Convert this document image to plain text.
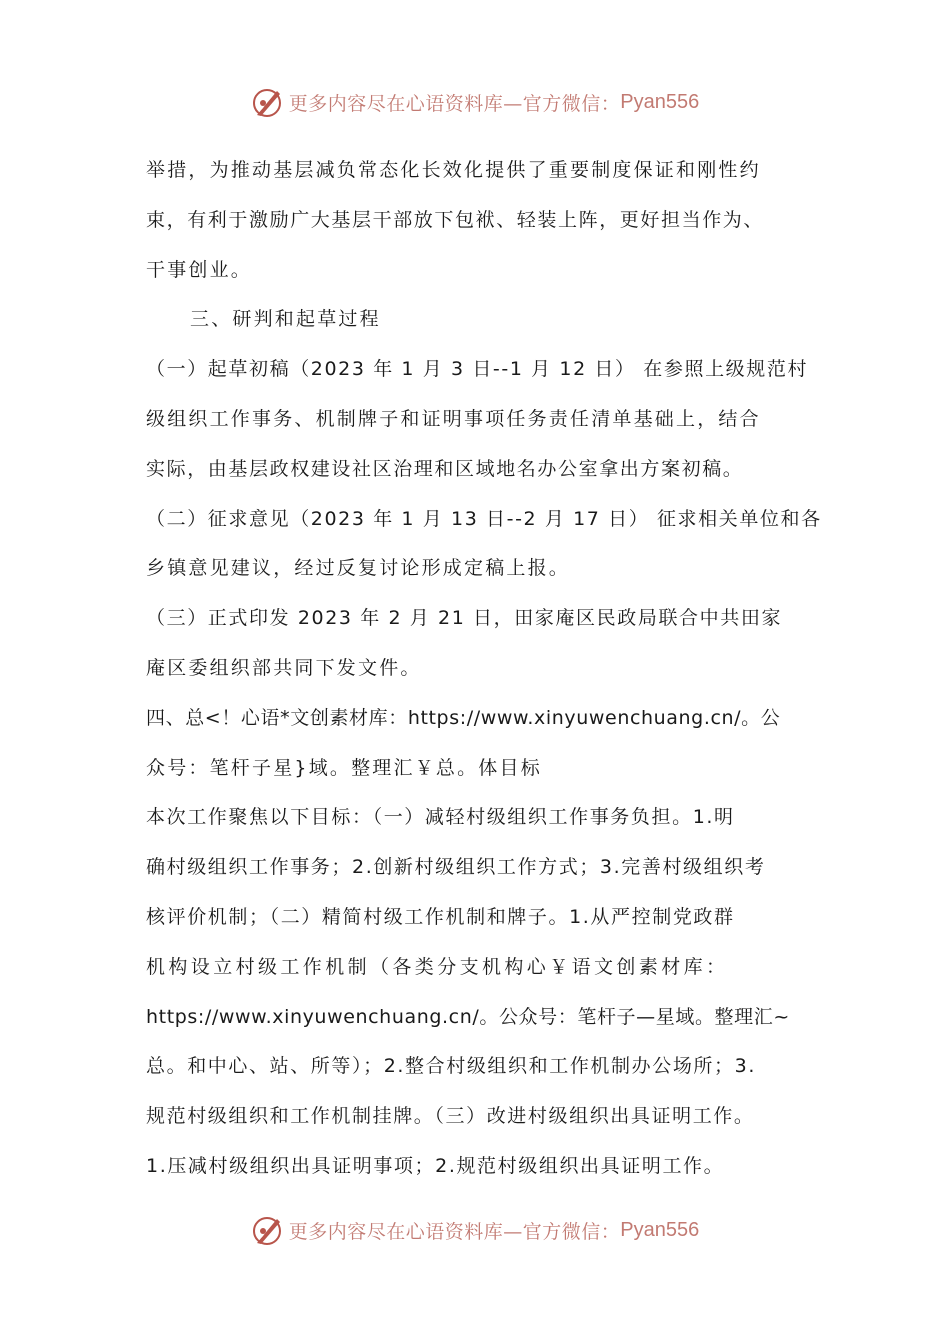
更多内容尽在心语资料库—官方微信： Pyan556
举措，为推动基层减负常态化长效化提供了重要制度保证和刚性约
束，有利于激励广大基层干部放下包袱、轻装上阵，更好担当作为、
干事创业。
三、研判和起草过程
（一）起草初稿（2023 年 1 月 3 日--1 月 12 日） 在参照上级规范村
级组织工作事务、机制牌子和证明事项任务责任清单基础上，结合
实际，由基层政权建设社区治理和区域地名办公室拿出方案初稿。
（二）征求意见（2023 年 1 月 13 日--2 月 17 日） 征求相关单位和各
乡镇意见建议，经过反复讨论形成定稿上报。
（三）正式印发 2023 年 2 月 21 日，田家庵区民政局联合中共田家
庵区委组织部共同下发文件。
四、总<！心语*文创素材库：https://www.xinyuwenchuang.cn/。公
众号：笔杆子星}域。整理汇￥总。体目标
本次工作聚焦以下目标：（一）减轻村级组织工作事务负担。1.明
确村级组织工作事务；2.创新村级组织工作方式；3.完善村级组织考
核评价机制；（二）精简村级工作机制和牌子。1.从严控制党政群
机构设立村级工作机制（各类分支机构心￥语文创素材库：
https://www.xinyuwenchuang.cn/。公众号：笔杆子—星域。整理汇~
总。和中心、站、所等）；2.整合村级组织和工作机制办公场所；3.
规范村级组织和工作机制挂牌。（三）改进村级组织出具证明工作。
1.压减村级组织出具证明事项；2.规范村级组织出具证明工作。
更多内容尽在心语资料库—官方微信： Pyan556
